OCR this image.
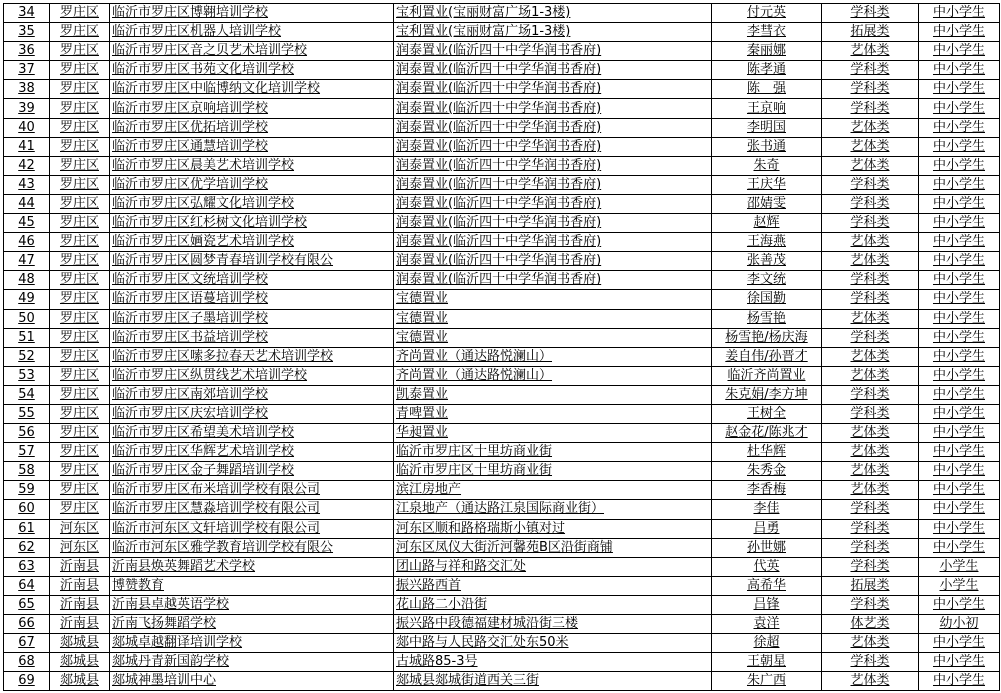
34	罗庄区	临沂市罗庄区博翱培训学校	宝利置业(宝丽财富广场1-3楼)	付元英	学科类	中小学生
35	罗庄区	临沂市罗庄区机器人培训学校	宝利置业(宝丽财富广场1-3楼)	李彗衣	拓展类	中小学生
36	罗庄区	临沂市罗庄区音之贝艺术培训学校	润泰置业(临沂四十中学华润书香府)	秦丽娜	艺体类	中小学生
37	罗庄区	临沂市罗庄区书苑文化培训学校	润泰置业(临沂四十中学华润书香府)	陈孝通	学科类	中小学生
38	罗庄区	临沂市罗庄区中临博纳文化培训学校	润泰置业(临沂四十中学华润书香府)	陈　强	学科类	中小学生
39	罗庄区	临沂市罗庄区京响培训学校	润泰置业(临沂四十中学华润书香府)	王京响	学科类	中小学生
40	罗庄区	临沂市罗庄区优拓培训学校	润泰置业(临沂四十中学华润书香府)	李明国	艺体类	中小学生
41	罗庄区	临沂市罗庄区通慧培训学校	润泰置业(临沂四十中学华润书香府)	张书通	艺体类	中小学生
42	罗庄区	临沂市罗庄区晨美艺术培训学校	润泰置业(临沂四十中学华润书香府)	朱奇	艺体类	中小学生
43	罗庄区	临沂市罗庄区优学培训学校	润泰置业(临沂四十中学华润书香府)	王庆华	学科类	中小学生
44	罗庄区	临沂市罗庄区弘耀文化培训学校	润泰置业(临沂四十中学华润书香府)	邵婧雯	学科类	中小学生
45	罗庄区	临沂市罗庄区红杉树文化培训学校	润泰置业(临沂四十中学华润书香府)	赵辉	学科类	中小学生
46	罗庄区	临沂市罗庄区婳瓷艺术培训学校	润泰置业(临沂四十中学华润书香府)	王海燕	艺体类	中小学生
47	罗庄区	临沂市罗庄区圆梦青春培训学校有限公	润泰置业(临沂四十中学华润书香府)	张善茂	艺体类	中小学生
48	罗庄区	临沂市罗庄区文统培训学校	润泰置业(临沂四十中学华润书香府)	李文统	学科类	中小学生
49	罗庄区	临沂市罗庄区语蔓培训学校	宝德置业	徐国勤	学科类	中小学生
50	罗庄区	临沂市罗庄区子墨培训学校	宝德置业	杨雪艳	艺体类	中小学生
51	罗庄区	临沂市罗庄区书益培训学校	宝德置业	杨雪艳/杨庆海	学科类	中小学生
52	罗庄区	临沂市罗庄区嗦多拉春天艺术培训学校	齐尚置业（通达路悦澜山）	姜自伟/孙晋才	艺体类	中小学生
53	罗庄区	临沂市罗庄区纵贯线艺术培训学校	齐尚置业（通达路悦澜山）	临沂齐尚置业	艺体类	中小学生
54	罗庄区	临沂市罗庄区南郊培训学校	凯泰置业	朱克娟/李方坤	学科类	中小学生
55	罗庄区	临沂市罗庄区庆宏培训学校	青啤置业	王树全	学科类	中小学生
56	罗庄区	临沂市罗庄区希望美术培训学校	华昶置业	赵金花/陈兆才	艺体类	中小学生
57	罗庄区	临沂市罗庄区华辉艺术培训学校	临沂市罗庄区十里坊商业街	杜华辉	艺体类	中小学生
58	罗庄区	临沂市罗庄区金子舞蹈培训学校	临沂市罗庄区十里坊商业街	朱秀金	艺体类	中小学生
59	罗庄区	临沂市罗庄区布米培训学校有限公司	滨江房地产	李香梅	艺体类	中小学生
60	罗庄区	临沂市罗庄区慧淼培训学校有限公司	江泉地产（通达路江泉国际商业街）	李佳	学科类	中小学生
61	河东区	临沂市河东区文轩培训学校有限公司	河东区顺和路格瑞斯小镇对过	吕勇	学科类	中小学生
62	河东区	临沂市河东区雅学教育培训学校有限公	河东区凤仪大街沂河馨苑B区沿街商铺	孙世娜	学科类	中小学生
63	沂南县	沂南县焕英舞蹈艺术学校	团山路与祥和路交汇处	代英	学科类	小学生
64	沂南县	博赞教育	振兴路西首	高希华	拓展类	小学生
65	沂南县	沂南县卓越英语学校	花山路二小沿街	吕锋	学科类	中小学生
66	沂南县	沂南飞扬舞蹈学校	振兴路中段德福建材城沿街三楼	袁洋	体艺类	幼小初
67	郯城县	郯城卓越翻译培训学校	郯中路与人民路交汇处东50米	徐超	艺体类	中小学生
68	郯城县	郯城丹青新国韵学校	古城路85-3号	王朝星	学科类	中小学生
69	郯城县	郯城神墨培训中心	郯城县郯城街道西关三街	朱广西	艺体类	中小学生
